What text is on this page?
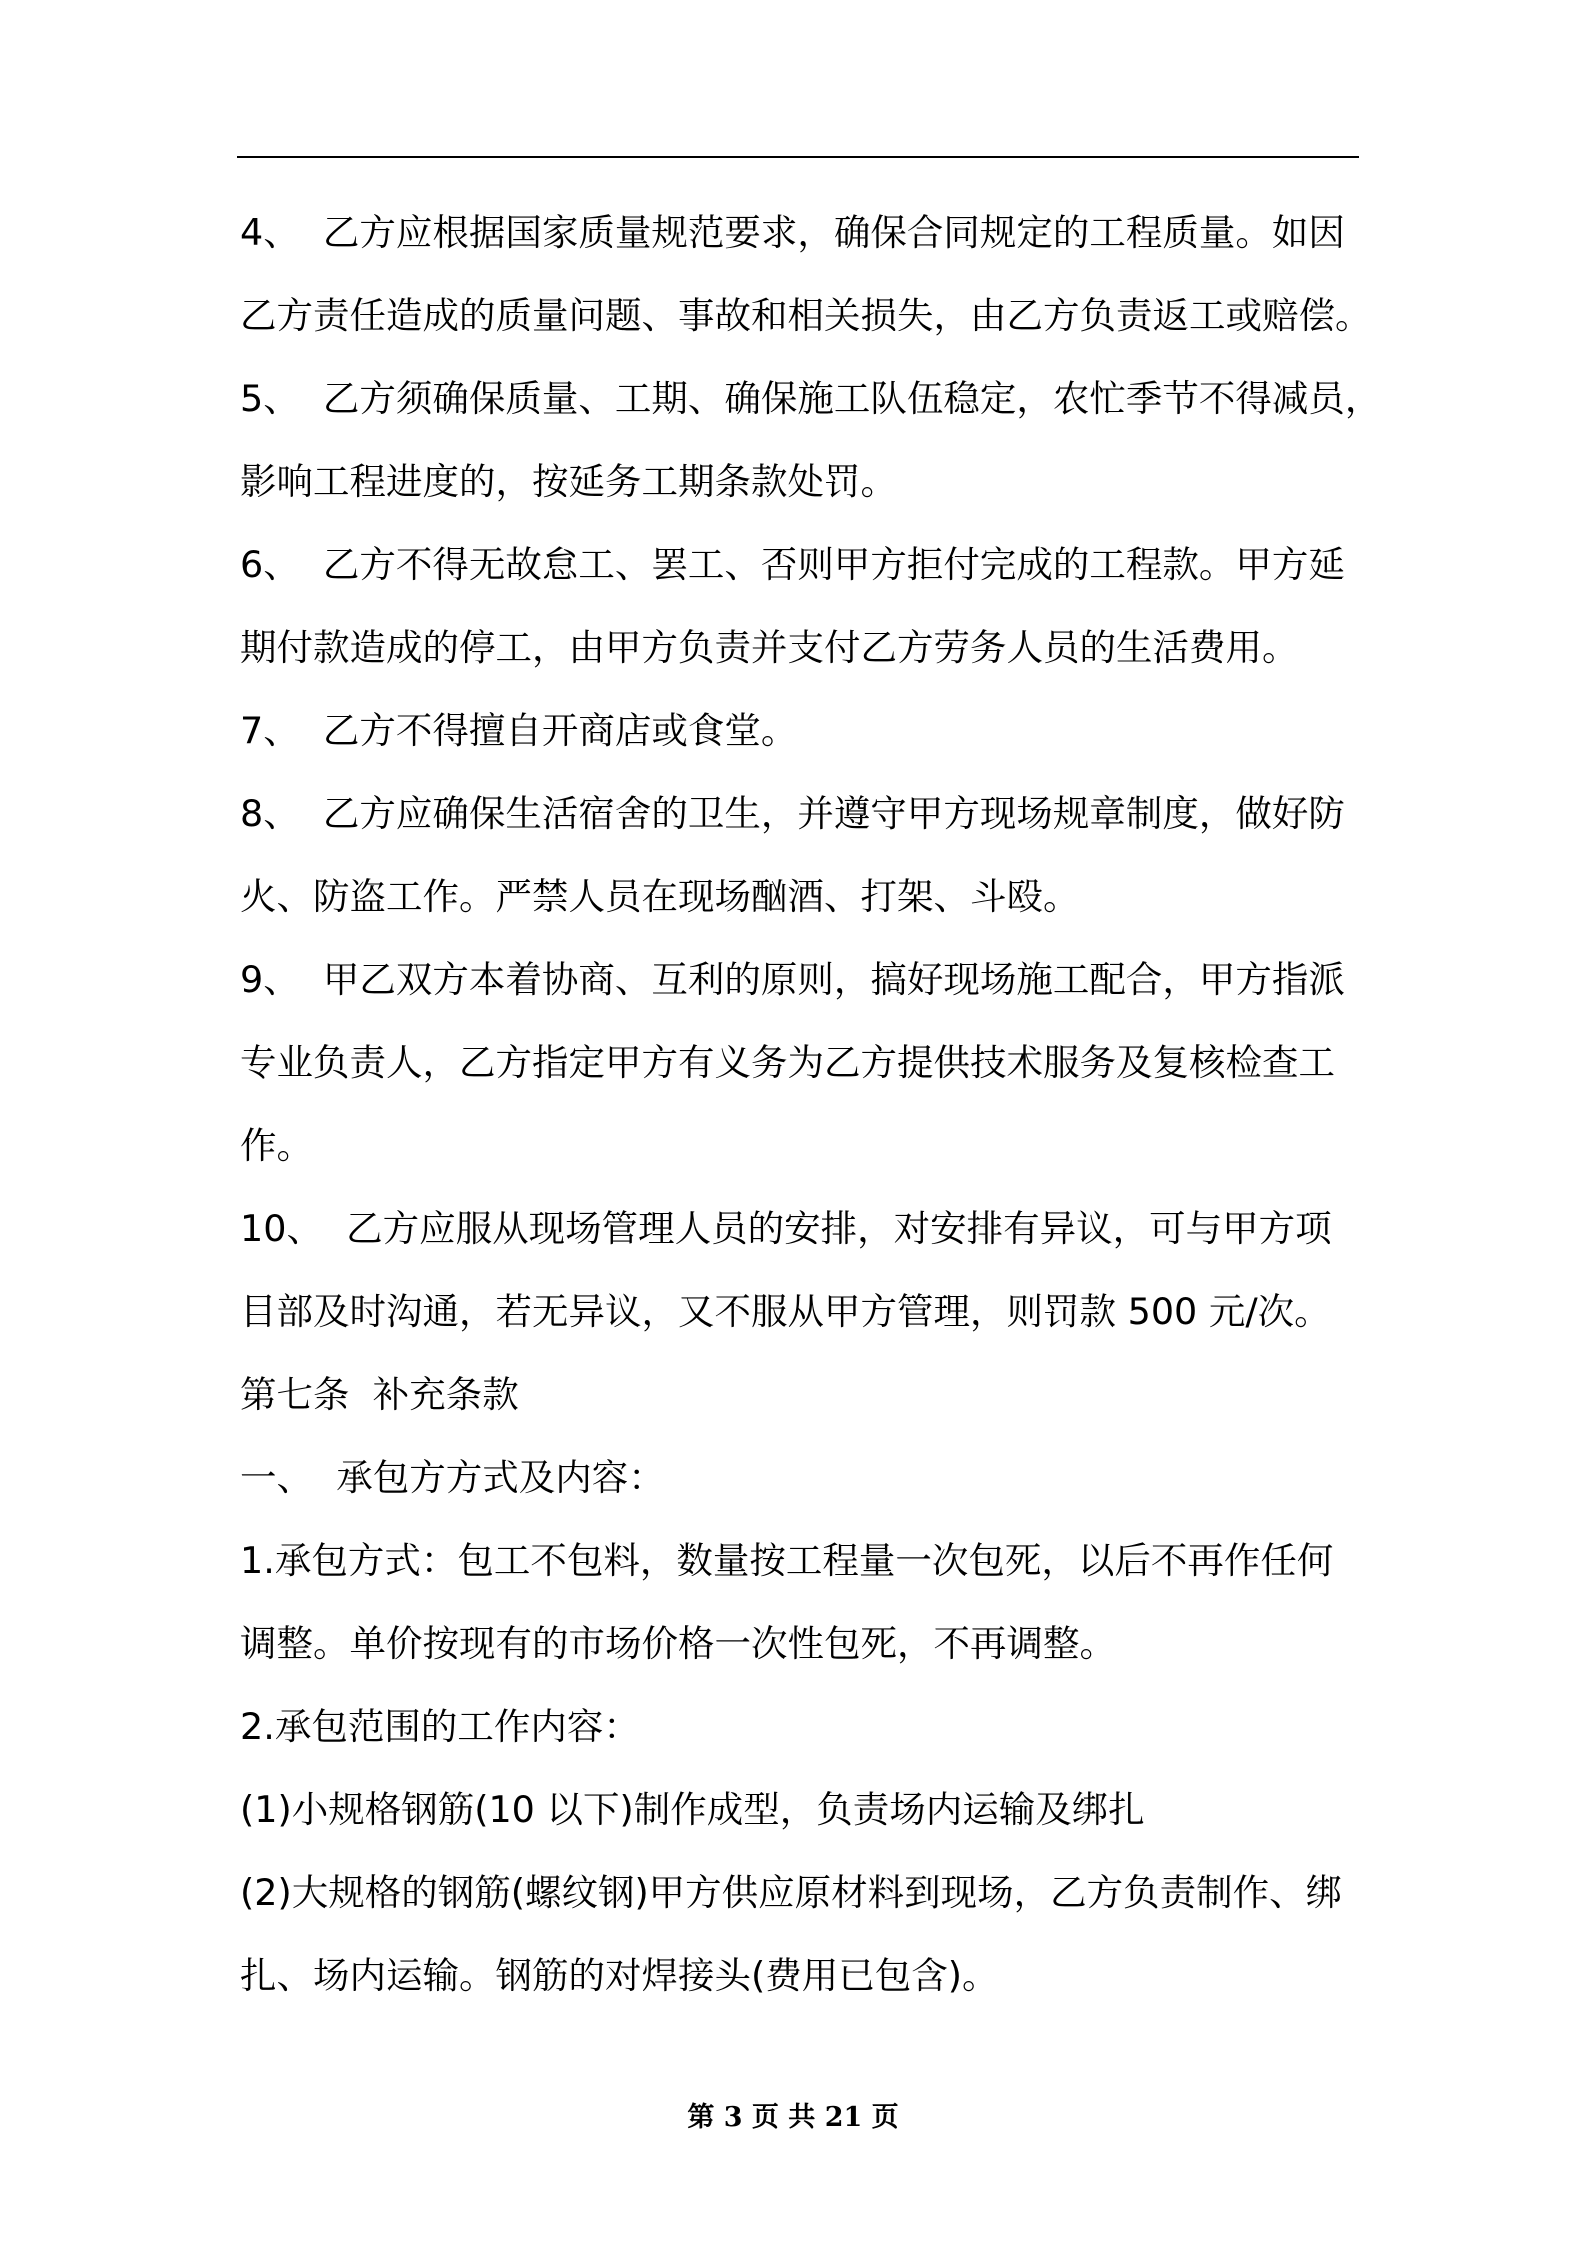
4、  乙方应根据国家质量规范要求，确保合同规定的工程质量。如因
乙方责任造成的质量问题、事故和相关损失，由乙方负责返工或赔偿。
5、  乙方须确保质量、工期、确保施工队伍稳定，农忙季节不得减员，
影响工程进度的，按延务工期条款处罚。
6、  乙方不得无故怠工、罢工、否则甲方拒付完成的工程款。甲方延
期付款造成的停工，由甲方负责并支付乙方劳务人员的生活费用。
7、  乙方不得擅自开商店或食堂。
8、  乙方应确保生活宿舍的卫生，并遵守甲方现场规章制度，做好防
火、防盗工作。严禁人员在现场酗酒、打架、斗殴。
9、  甲乙双方本着协商、互利的原则，搞好现场施工配合，甲方指派
专业负责人，乙方指定甲方有义务为乙方提供技术服务及复核检查工
作。
10、  乙方应服从现场管理人员的安排，对安排有异议，可与甲方项
目部及时沟通，若无异议，又不服从甲方管理，则罚款 500 元/次。
第七条  补充条款
一、  承包方方式及内容：
1.承包方式：包工不包料，数量按工程量一次包死，以后不再作任何
调整。单价按现有的市场价格一次性包死，不再调整。
2.承包范围的工作内容：
(1)小规格钢筋(10 以下)制作成型，负责场内运输及绑扎
(2)大规格的钢筋(螺纹钢)甲方供应原材料到现场，乙方负责制作、绑
扎、场内运输。钢筋的对焊接头(费用已包含)。
第 3 页 共 21 页
